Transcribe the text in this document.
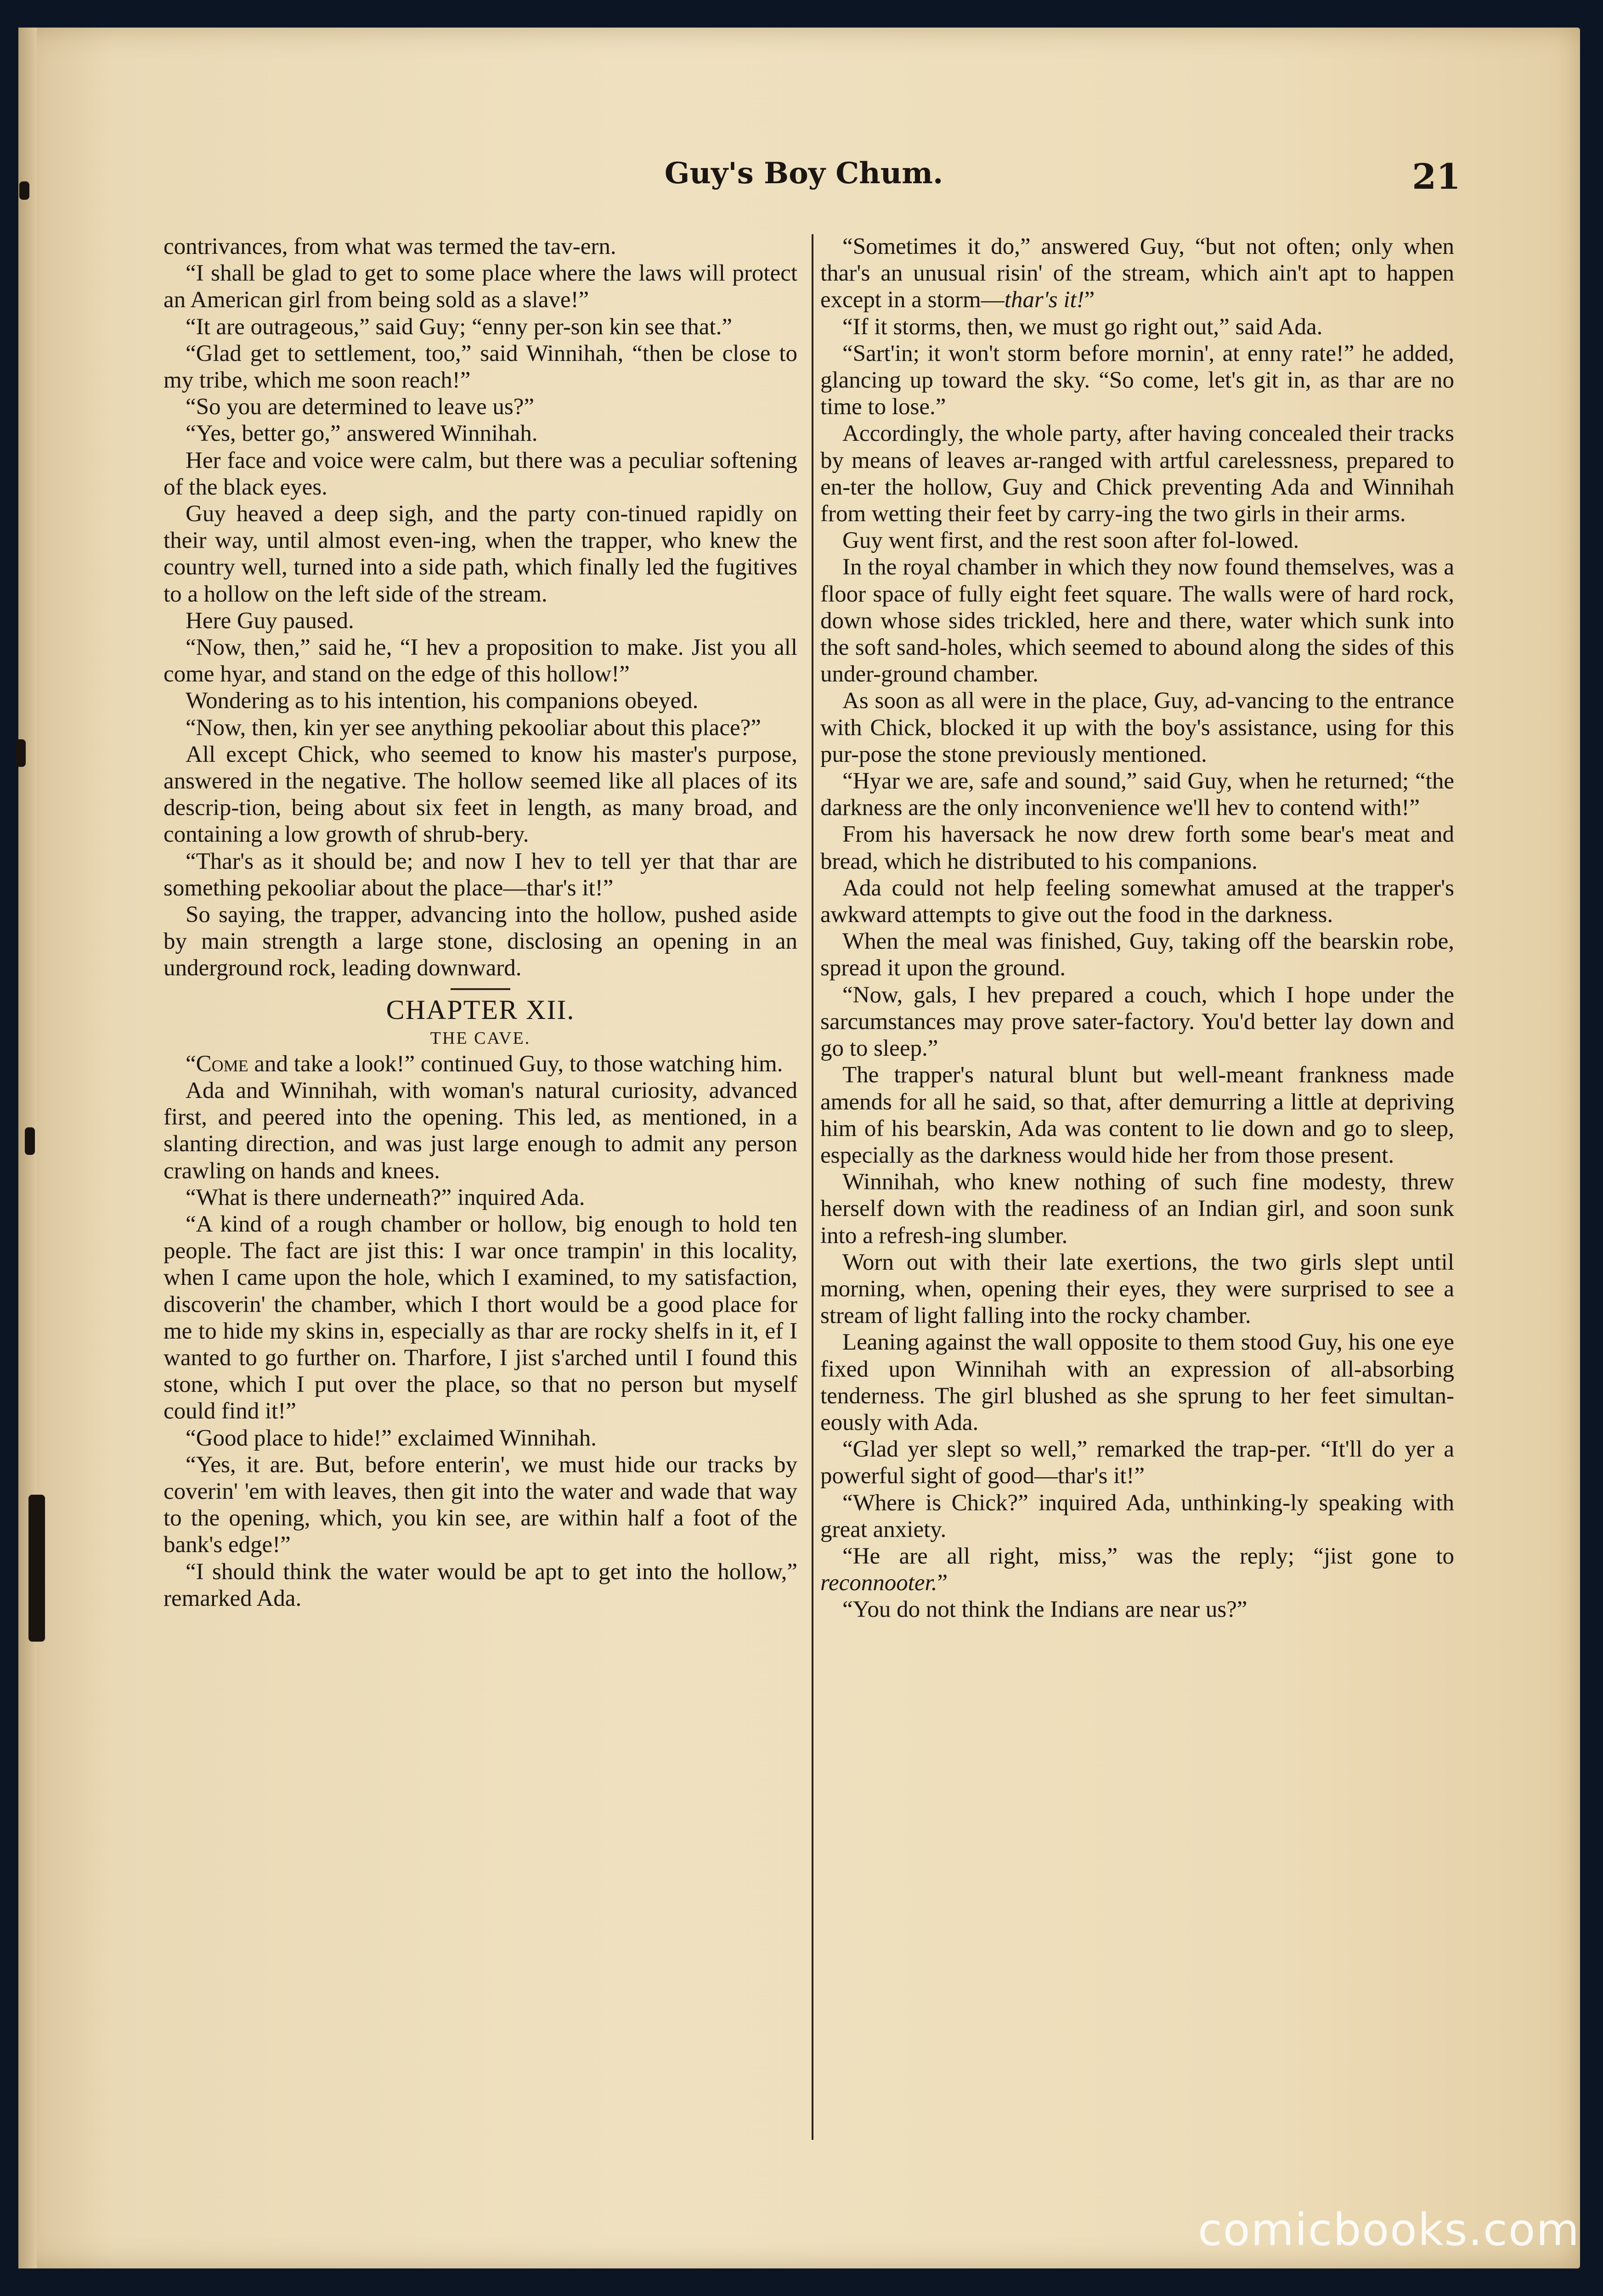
Guy's Boy Chum.	21

contrivances, from what was termed the tav-ern.

“I shall be glad to get to some place where the laws will protect an American girl from being sold as a slave!”

“It are outrageous,” said Guy; “enny per-son kin see that.”

“Glad get to settlement, too,” said Winnihah, “then be close to my tribe, which me soon reach!”

“So you are determined to leave us?”

“Yes, better go,” answered Winnihah.

Her face and voice were calm, but there was a peculiar softening of the black eyes.

Guy heaved a deep sigh, and the party con-tinued rapidly on their way, until almost even-ing, when the trapper, who knew the country well, turned into a side path, which finally led the fugitives to a hollow on the left side of the stream.

Here Guy paused.

“Now, then,” said he, “I hev a proposition to make. Jist you all come hyar, and stand on the edge of this hollow!”

Wondering as to his intention, his companions obeyed.

“Now, then, kin yer see anything pekooliar about this place?”

All except Chick, who seemed to know his master's purpose, answered in the negative. The hollow seemed like all places of its descrip-tion, being about six feet in length, as many broad, and containing a low growth of shrub-bery.

“Thar's as it should be; and now I hev to tell yer that thar are something pekooliar about the place—thar's it!”

So saying, the trapper, advancing into the hollow, pushed aside by main strength a large stone, disclosing an opening in an underground rock, leading downward.

CHAPTER XII.

THE CAVE.

“Come and take a look!” continued Guy, to those watching him.

Ada and Winnihah, with woman's natural curiosity, advanced first, and peered into the opening. This led, as mentioned, in a slanting direction, and was just large enough to admit any person crawling on hands and knees.

“What is there underneath?” inquired Ada.

“A kind of a rough chamber or hollow, big enough to hold ten people. The fact are jist this: I war once trampin' in this locality, when I came upon the hole, which I examined, to my satisfaction, discoverin' the chamber, which I thort would be a good place for me to hide my skins in, especially as thar are rocky shelfs in it, ef I wanted to go further on. Tharfore, I jist s'arched until I found this stone, which I put over the place, so that no person but myself could find it!”

“Good place to hide!” exclaimed Winnihah.

“Yes, it are. But, before enterin', we must hide our tracks by coverin' 'em with leaves, then git into the water and wade that way to the opening, which, you kin see, are within half a foot of the bank's edge!”

“I should think the water would be apt to get into the hollow,” remarked Ada.

“Sometimes it do,” answered Guy, “but not often; only when thar's an unusual risin' of the stream, which ain't apt to happen except in a storm—thar's it!”

“If it storms, then, we must go right out,” said Ada.

“Sart'in; it won't storm before mornin', at enny rate!” he added, glancing up toward the sky. “So come, let's git in, as thar are no time to lose.”

Accordingly, the whole party, after having concealed their tracks by means of leaves ar-ranged with artful carelessness, prepared to en-ter the hollow, Guy and Chick preventing Ada and Winnihah from wetting their feet by carry-ing the two girls in their arms.

Guy went first, and the rest soon after fol-lowed.

In the royal chamber in which they now found themselves, was a floor space of fully eight feet square. The walls were of hard rock, down whose sides trickled, here and there, water which sunk into the soft sand-holes, which seemed to abound along the sides of this under-ground chamber.

As soon as all were in the place, Guy, ad-vancing to the entrance with Chick, blocked it up with the boy's assistance, using for this pur-pose the stone previously mentioned.

“Hyar we are, safe and sound,” said Guy, when he returned; “the darkness are the only inconvenience we'll hev to contend with!”

From his haversack he now drew forth some bear's meat and bread, which he distributed to his companions.

Ada could not help feeling somewhat amused at the trapper's awkward attempts to give out the food in the darkness.

When the meal was finished, Guy, taking off the bearskin robe, spread it upon the ground.

“Now, gals, I hev prepared a couch, which I hope under the sarcumstances may prove sater-factory. You'd better lay down and go to sleep.”

The trapper's natural blunt but well-meant frankness made amends for all he said, so that, after demurring a little at depriving him of his bearskin, Ada was content to lie down and go to sleep, especially as the darkness would hide her from those present.

Winnihah, who knew nothing of such fine modesty, threw herself down with the readiness of an Indian girl, and soon sunk into a refresh-ing slumber.

Worn out with their late exertions, the two girls slept until morning, when, opening their eyes, they were surprised to see a stream of light falling into the rocky chamber.

Leaning against the wall opposite to them stood Guy, his one eye fixed upon Winnihah with an expression of all-absorbing tenderness. The girl blushed as she sprung to her feet simultan-eously with Ada.

“Glad yer slept so well,” remarked the trap-per. “It'll do yer a powerful sight of good—thar's it!”

“Where is Chick?” inquired Ada, unthinking-ly speaking with great anxiety.

“He are all right, miss,” was the reply; “jist gone to reconnooter.”

“You do not think the Indians are near us?”

comicbooks.com
